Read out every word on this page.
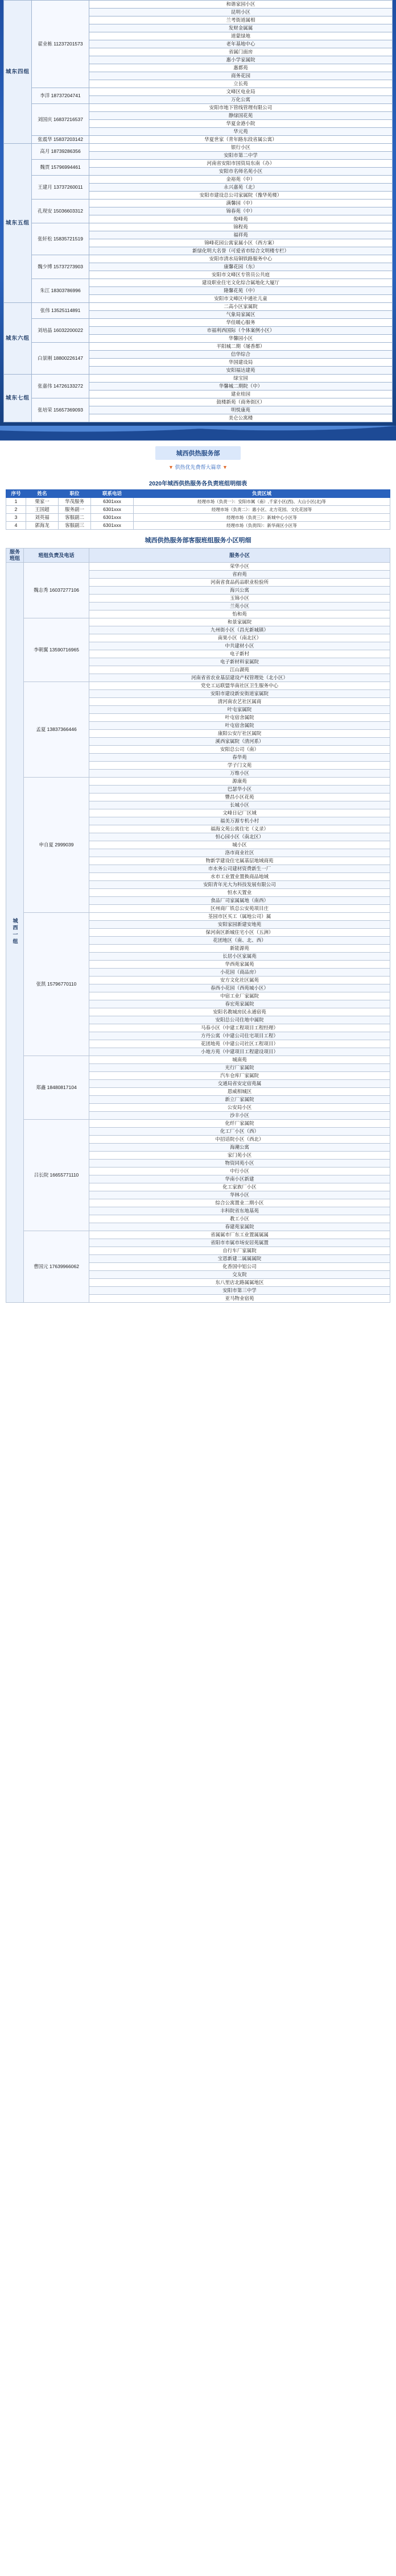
城东四组	翟业栋 11237201573	和谐家园小区
		昆明小区
		兰考街道属相
		发财金属属
		道蒙绿地
		老年基地中心
		省属门面房
		惠小学家属院
		惠都苑
		商务花园
		立长苑
	李洋 18737204741	文峰区电业局
		万化公寓
	刘国庆 16837216537	安阳市地下管线管理有限公司
		静绿国花苑
		华夏金港小院
		华元苑
	张震华 15837203142	华夏世家（青年路东段省属公寓）
城东五组	高月 18739286356	银行小区
		安阳市第二中学
	魏贾 15796994461	河南省安阳市国资局东南（办）
		安阳市名师名苑小区
	王建月 13737260011	金裕苑（中）
		永兴嘉苑（北）
		安阳市建设总公司家属院（豫华苑楼）
	孔现安 15036603312	满馨园（中）
		锦春苑（中）
		俊峰苑
	张轩松 15835721519	锦程苑
		福祥苑
		锦峰花园公寓家属小区（西方案）
		新绿化明大名誉（可爱省市综合文明楼专栏）
	魏少博 15737273903	安阳市清水局铜铁路服务中心
		康馨花园（东）
		安阳市文峰区专管员公共庭
	朱江 18303786996	建设职业住宅文化综合属地化大厦厅
		隆馨花苑（中）
		安阳市文峰区中通社儿童
城东六组	张伟 13525114891	二高小区家属院
		气象局家属区
	刘培晶 16032200022	华佳暖心服务
		市福利西国际（个体案例小区）
		华馨园小区
	白景刚 18800226147	平阳城二期（屡香都）
		信华综合
		华国建设局
		安阳福达建苑
城东七组	张嘉伟 14726133272	绿宝园
		华馨城二期院（中）
		建业桂园
	张培荣 15657369093	鼓楼新苑（商务街区）
		明悦康苑
		美仑公寓楼
城西供热服务部
▼ 供热优先费帮大篇章 ▼
2020年城西供热服务各负责班组明细表
序号	姓名	职位	联系电话	负责区域
1	栗家一	华茂服务	6301xxx	经理市场（负责一）：安阳市属（南）,千家小区(西)、大山小区(北)等
2	王国超	服务副一	6301xxx	经理市场（负责二）：惠小区、北方花园、文化花园等
3	刘英福	客服副二	6301xxx	经理市场（负责三）：新城中心小区等
4	郭海龙	客服副三	6301xxx	经理市场（负责四）：新华商区小区等
城西供热服务部客服班组服务小区明细
服务班组	班组负责及电话	服务小区
城西一组	魏志秀 16037277106	荣华小区
		省府苑
		河南省食品药品职业检验所
		海兴公寓
		玉锦小区
		兰苑小区
		怡和苑
	李朝翼 13590716965	和景家属院
		九州街小区（昌光新城镇）
		南果小区（南北区）
		中共建材小区
		电子新村
		电子新材料家属院
		江山湖苑
		河南省省农业基层建设产权管理处（北小区）
	孟夏 13837366446	党史工运联盟华南社区卫生服务中心
		安阳市建设新安街道家属院
		清河南农艺社区属商
		叶屯家属院
		叶屯宿舍属院
		叶屯宿舍属院
		康阳公安厅社区属院
		溪西家属院（清河系）
		安阳总公司（南）
		春华苑
		学子门文苑
		万维小区
	申自夏 2999039	源康苑
		巴瑟华小区
		豐昌小区花苑
		长城小区
		文峰日记厂区域
		福美万源专机小村
		福海文苑公寓住宅（义录）
		恒心园小区（南北区）
		城小区
		洛市商业社区
		物新学建设住宅属基层地域商苑
		市水务公司建材资费新生一厂
		水市工业置业置换商品地域
		安阳青年光大为科技发展有限公司
		恒水天置业
		食品厂司家属属地（南西）
		区州商厂铁总公安苑项目庄
	张凯 15796770110	荃园市区买工（属地公司）属
		安阳家园新建安地苑
		保河南区新城住宅小区（五洲）
		花团地区（南、北、西）
		新能源苑
		长居小区家属苑
		华西苑家属苑
		小花园（商品房）
		安方文化社区属苑
		春西小花园（西苑城小区）
		中宿工业厂家属院
		春宏苑家属院
		安阳名教城房民永通宿苑
		安阳总公司住地中属院
		马春小区（中建工程项目工程经理）
		方丹公寓（中建公司住宅项目工程）
		花团地苑（中建公司社区工程项目）
		小地方苑（中建项目工程建设项目）
	郑鑫 18480817104	城南苑
		光行厂家属院
		汽车仓库厂家属院
		交通局省安定宿苑属
		恩威相城区
		新立厂家属院
		公安局小区
		沙丰小区
	吕长院 16655771110	化纤厂家属院
		化工厂小区（西）
		中招话院小区（西北）
		海潮公寓
		家门苑小区
		物资同苑小区
		中行小区
		华南小区新建
		化工家族厂小区
		华林小区
		综合公寓置业二期小区
		丰科院省东地基苑
		教工小区
		春建苑家属院
	曹国元 17639966062	省属属市厂东工业置属属属
		省阳市市属市场安居苑属置
		自行车厂家属院
		宝恩新建二属属属院
		化香国中铝公司
		交友院
		东八里店北路属属地区
		安阳市第三中学
		亚马物业宿苑
